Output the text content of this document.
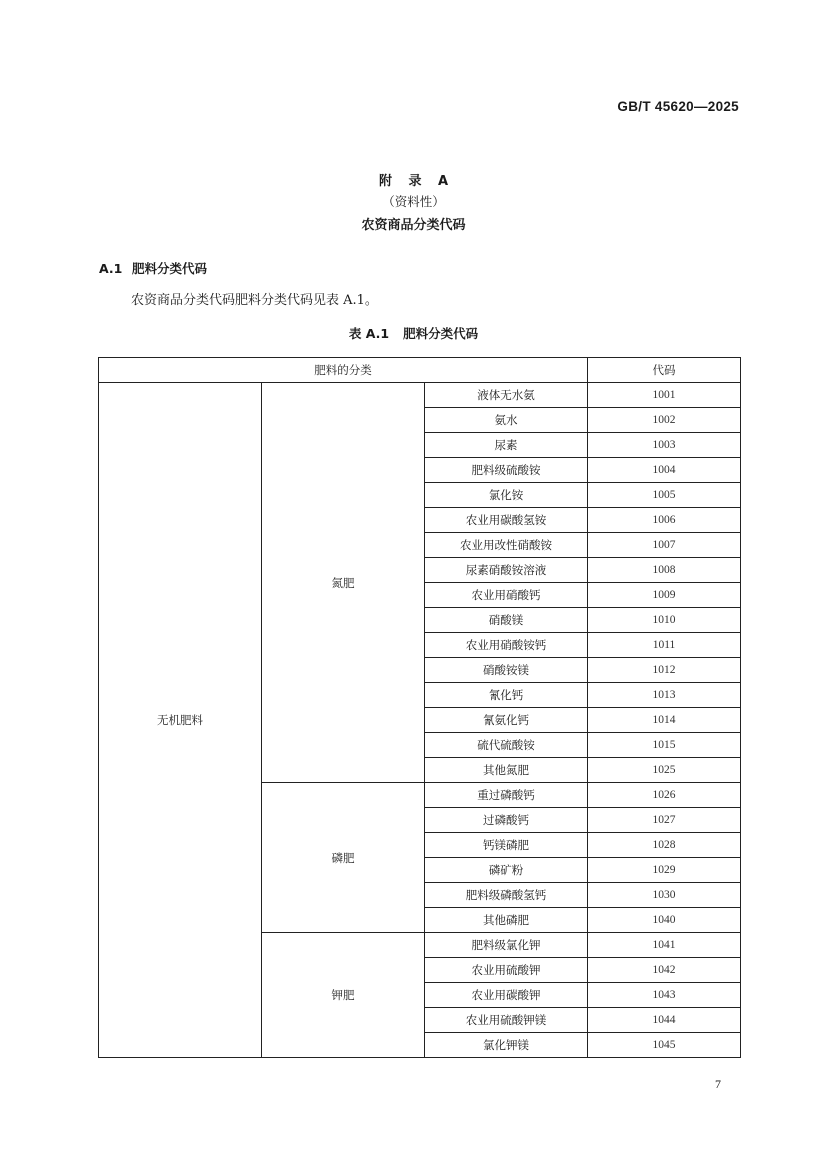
GB/T 45620—2025
附 录 A
（资料性）
农资商品分类代码
A.1 肥料分类代码
农资商品分类代码肥料分类代码见表 A.1。
表 A.1 肥料分类代码
肥料的分类			代码
无机肥料	氮肥	液体无水氨	1001
		氨水	1002
		尿素	1003
		肥料级硫酸铵	1004
		氯化铵	1005
		农业用碳酸氢铵	1006
		农业用改性硝酸铵	1007
		尿素硝酸铵溶液	1008
		农业用硝酸钙	1009
		硝酸镁	1010
		农业用硝酸铵钙	1011
		硝酸铵镁	1012
		氰化钙	1013
		氰氨化钙	1014
		硫代硫酸铵	1015
		其他氮肥	1025
	磷肥	重过磷酸钙	1026
		过磷酸钙	1027
		钙镁磷肥	1028
		磷矿粉	1029
		肥料级磷酸氢钙	1030
		其他磷肥	1040
	钾肥	肥料级氯化钾	1041
		农业用硫酸钾	1042
		农业用碳酸钾	1043
		农业用硫酸钾镁	1044
		氯化钾镁	1045
7
